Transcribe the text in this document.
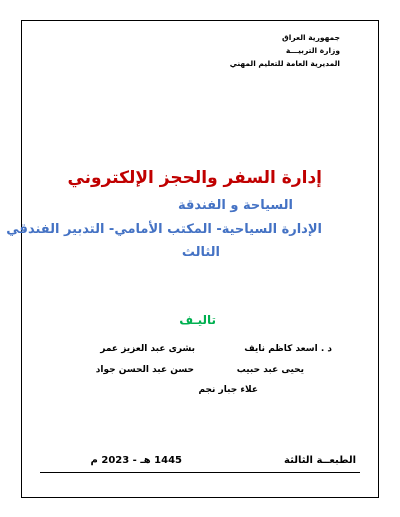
جمهورية العراق
وزارة التربيـــة
المديرية العامة للتعليم المهني
إدارة السفر والحجز الإلكتروني
السياحة و الفندقة
الإدارة السياحية- المكتب الأمامي- التدبير الفندقي
الثالث
تاليـف
د . اسعد كاظم نايف
بشرى عبد العزيز عمر
يحيى عبد حبيب
حسن عبد الحسن جواد
علاء جبار نجم
الطبعــة الثالثة
1445 هـ - 2023 م
